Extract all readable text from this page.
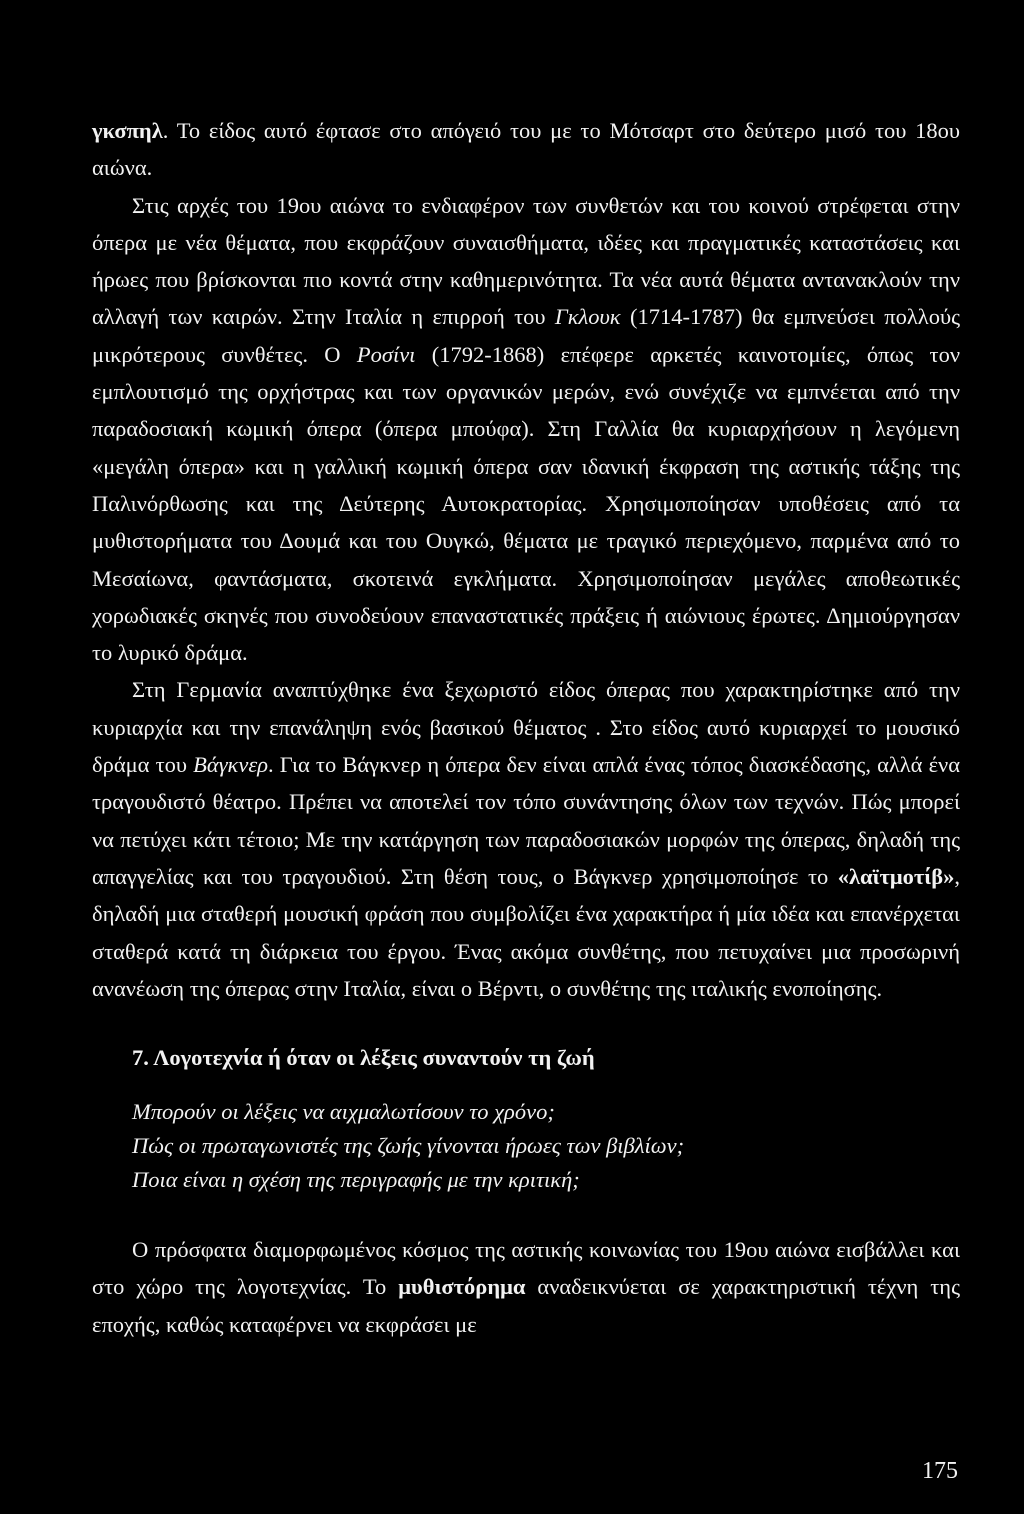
γκσπηλ. Το είδος αυτό έφτασε στο απόγειό του με το Μότσαρτ στο δεύτερο μισό του 18ου αιώνα.

Στις αρχές του 19ου αιώνα το ενδιαφέρον των συνθετών και του κοινού στρέφεται στην όπερα με νέα θέματα, που εκφράζουν συναισθήματα, ιδέες και πραγματικές καταστάσεις και ήρωες που βρίσκονται πιο κοντά στην καθημερινότητα. Τα νέα αυτά θέματα αντανακλούν την αλλαγή των καιρών. Στην Ιταλία η επιρροή του Γκλουκ (1714-1787) θα εμπνεύσει πολλούς μικρότερους συνθέτες. Ο Ροσίνι (1792-1868) επέφερε αρκετές καινοτομίες, όπως τον εμπλουτισμό της ορχήστρας και των οργανικών μερών, ενώ συνέχιζε να εμπνέεται από την παραδοσιακή κωμική όπερα (όπερα μπούφα). Στη Γαλλία θα κυριαρχήσουν η λεγόμενη «μεγάλη όπερα» και η γαλλική κωμική όπερα σαν ιδανική έκφραση της αστικής τάξης της Παλινόρθωσης και της Δεύτερης Αυτοκρατορίας. Χρησιμοποίησαν υποθέσεις από τα μυθιστορήματα του Δουμά και του Ουγκώ, θέματα με τραγικό περιεχόμενο, παρμένα από το Μεσαίωνα, φαντάσματα, σκοτεινά εγκλήματα. Χρησιμοποίησαν μεγάλες αποθεωτικές χορωδιακές σκηνές που συνοδεύουν επαναστατικές πράξεις ή αιώνιους έρωτες. Δημιούργησαν το λυρικό δράμα.

Στη Γερμανία αναπτύχθηκε ένα ξεχωριστό είδος όπερας που χαρακτηρίστηκε από την κυριαρχία και την επανάληψη ενός βασικού θέματος . Στο είδος αυτό κυριαρχεί το μουσικό δράμα του Βάγκνερ. Για το Βάγκνερ η όπερα δεν είναι απλά ένας τόπος διασκέδασης, αλλά ένα τραγουδιστό θέατρο. Πρέπει να αποτελεί τον τόπο συνάντησης όλων των τεχνών. Πώς μπορεί να πετύχει κάτι τέτοιο; Με την κατάργηση των παραδοσιακών μορφών της όπερας, δηλαδή της απαγγελίας και του τραγουδιού. Στη θέση τους, ο Βάγκνερ χρησιμοποίησε το «λαϊτμοτίβ», δηλαδή μια σταθερή μουσική φράση που συμβολίζει ένα χαρακτήρα ή μία ιδέα και επανέρχεται σταθερά κατά τη διάρκεια του έργου. Ένας ακόμα συνθέτης, που πετυχαίνει μια προσωρινή ανανέωση της όπερας στην Ιταλία, είναι ο Βέρντι, ο συνθέτης της ιταλικής ενοποίησης.

7. Λογοτεχνία ή όταν οι λέξεις συναντούν τη ζωή

Μπορούν οι λέξεις να αιχμαλωτίσουν το χρόνο;
Πώς οι πρωταγωνιστές της ζωής γίνονται ήρωες των βιβλίων;
Ποια είναι η σχέση της περιγραφής με την κριτική;

Ο πρόσφατα διαμορφωμένος κόσμος της αστικής κοινωνίας του 19ου αιώνα εισβάλλει και στο χώρο της λογοτεχνίας. Το μυθιστόρημα αναδεικνύεται σε χαρακτηριστική τέχνη της εποχής, καθώς καταφέρνει να εκφράσει με

175
